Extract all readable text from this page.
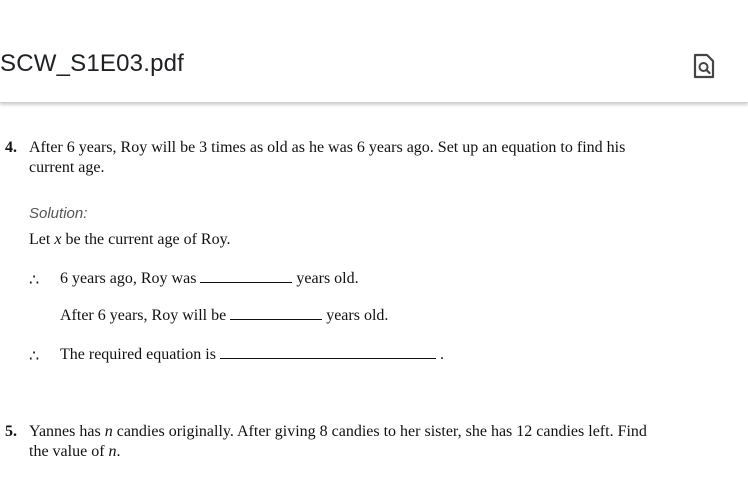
SCW_S1E03.pdf
4. After 6 years, Roy will be 3 times as old as he was 6 years ago. Set up an equation to find his
current age.
Solution:
Let x be the current age of Roy.
∴ 6 years ago, Roy was	years old.
After 6 years, Roy will be	years old.
∴ The required equation is	.
5. Yannes has n candies originally. After giving 8 candies to her sister, she has 12 candies left. Find
the value of n.
